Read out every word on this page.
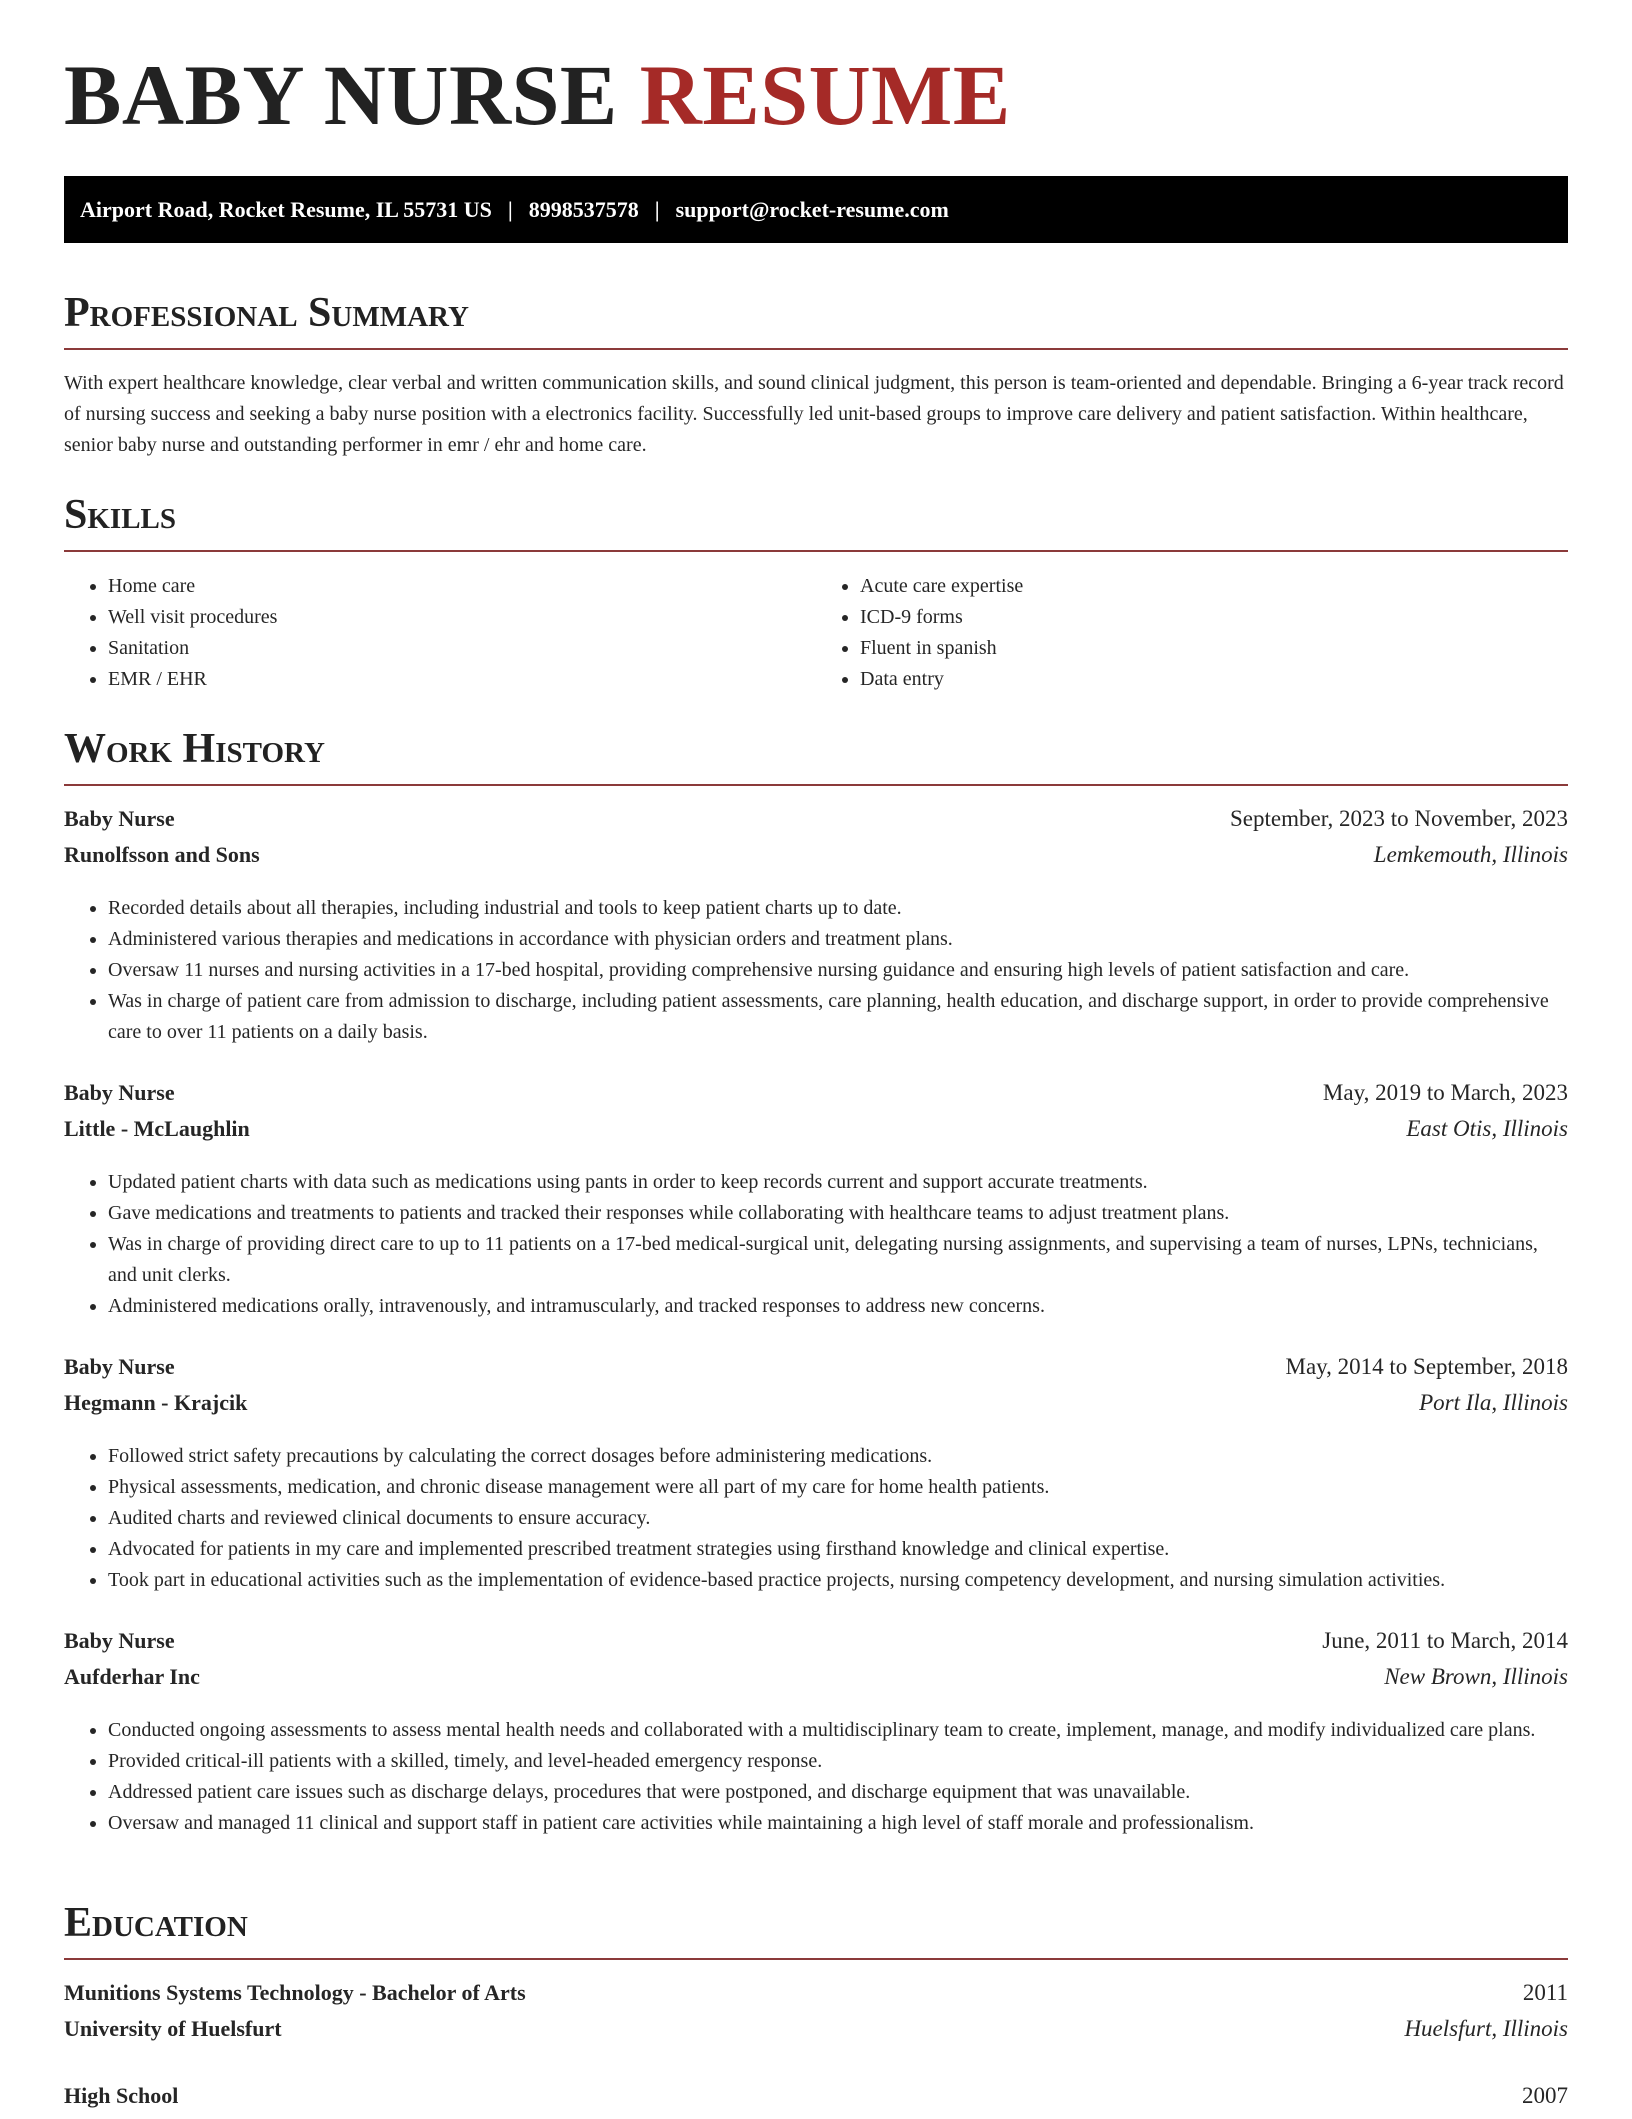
BABY NURSE RESUME
Airport Road, Rocket Resume, IL 55731 US | 8998537578 | support@rocket-resume.com
Professional Summary

With expert healthcare knowledge, clear verbal and written communication skills, and sound clinical judgment, this person is team-oriented and dependable. Bringing a 6-year track record of nursing success and seeking a baby nurse position with a electronics facility. Successfully led unit-based groups to improve care delivery and patient satisfaction. Within healthcare, senior baby nurse and outstanding performer in emr / ehr and home care.

Skills
• Home care
• Well visit procedures
• Sanitation
• EMR / EHR
• Acute care expertise
• ICD-9 forms
• Fluent in spanish
• Data entry
Work History
Baby Nurse	September, 2023 to November, 2023
Runolfsson and Sons	Lemkemouth, Illinois
• Recorded details about all therapies, including industrial and tools to keep patient charts up to date.
• Administered various therapies and medications in accordance with physician orders and treatment plans.
• Oversaw 11 nurses and nursing activities in a 17-bed hospital, providing comprehensive nursing guidance and ensuring high levels of patient satisfaction and care.
• Was in charge of patient care from admission to discharge, including patient assessments, care planning, health education, and discharge support, in order to provide comprehensive care to over 11 patients on a daily basis.
Baby Nurse	May, 2019 to March, 2023
Little - McLaughlin	East Otis, Illinois
• Updated patient charts with data such as medications using pants in order to keep records current and support accurate treatments.
• Gave medications and treatments to patients and tracked their responses while collaborating with healthcare teams to adjust treatment plans.
• Was in charge of providing direct care to up to 11 patients on a 17-bed medical-surgical unit, delegating nursing assignments, and supervising a team of nurses, LPNs, technicians, and unit clerks.
• Administered medications orally, intravenously, and intramuscularly, and tracked responses to address new concerns.
Baby Nurse	May, 2014 to September, 2018
Hegmann - Krajcik	Port Ila, Illinois
• Followed strict safety precautions by calculating the correct dosages before administering medications.
• Physical assessments, medication, and chronic disease management were all part of my care for home health patients.
• Audited charts and reviewed clinical documents to ensure accuracy.
• Advocated for patients in my care and implemented prescribed treatment strategies using firsthand knowledge and clinical expertise.
• Took part in educational activities such as the implementation of evidence-based practice projects, nursing competency development, and nursing simulation activities.
Baby Nurse	June, 2011 to March, 2014
Aufderhar Inc	New Brown, Illinois
• Conducted ongoing assessments to assess mental health needs and collaborated with a multidisciplinary team to create, implement, manage, and modify individualized care plans.
• Provided critical-ill patients with a skilled, timely, and level-headed emergency response.
• Addressed patient care issues such as discharge delays, procedures that were postponed, and discharge equipment that was unavailable.
• Oversaw and managed 11 clinical and support staff in patient care activities while maintaining a high level of staff morale and professionalism.
Education
Munitions Systems Technology - Bachelor of Arts	2011
University of Huelsfurt	Huelsfurt, Illinois
High School	2007
